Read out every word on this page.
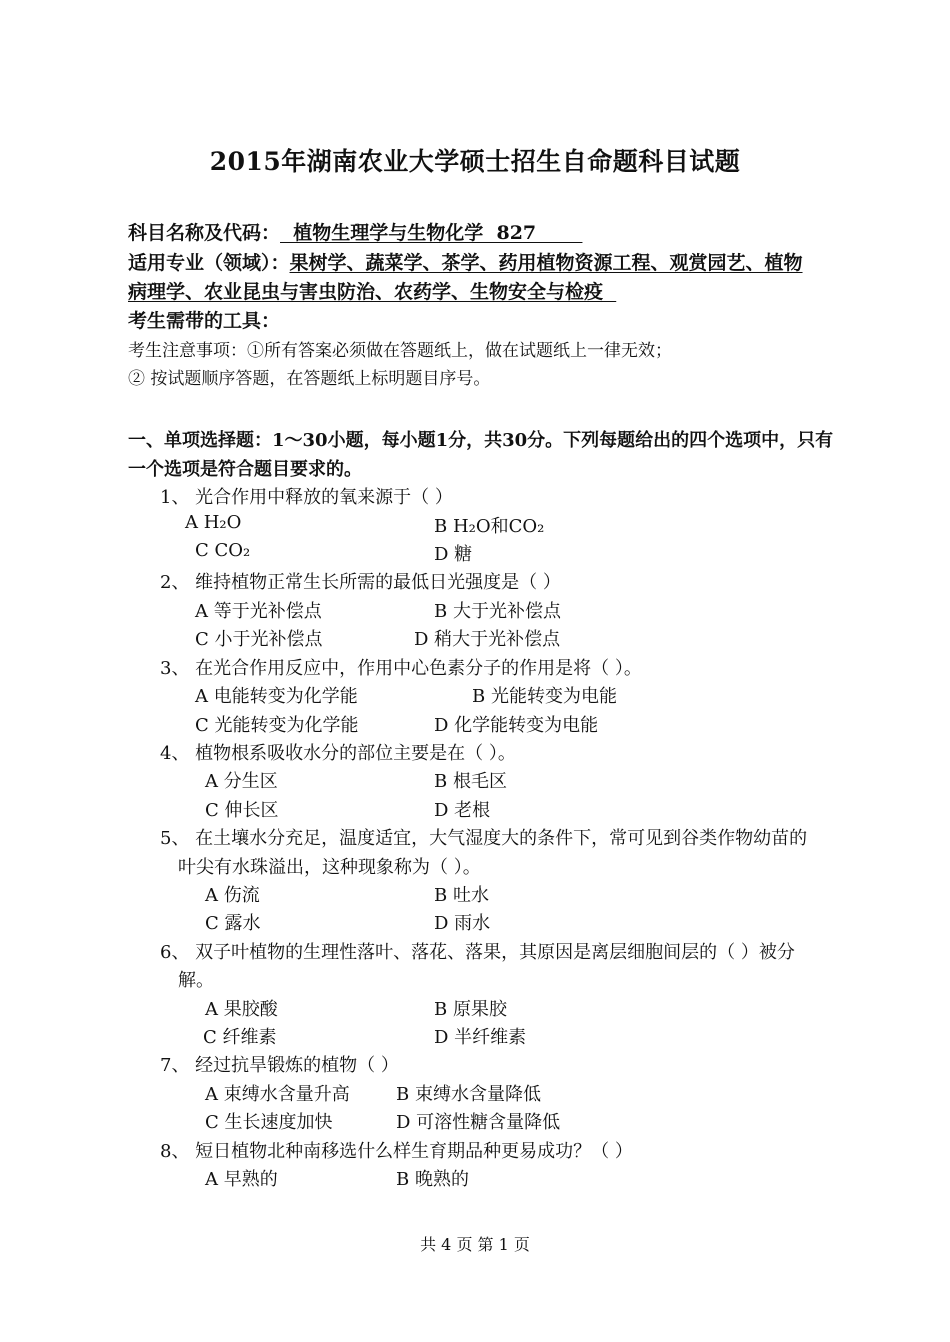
2015年湖南农业大学硕士招生自命题科目试题
科目名称及代码：  植物生理学与生物化学  827
适用专业（领域）：果树学、蔬菜学、茶学、药用植物资源工程、观赏园艺、植物
病理学、农业昆虫与害虫防治、农药学、生物安全与检疫
考生需带的工具：
考生注意事项：①所有答案必须做在答题纸上，做在试题纸上一律无效；
② 按试题顺序答题，在答题纸上标明题目序号。
一、单项选择题：1～30小题，每小题1分，共30分。下列每题给出的四个选项中，只有
一个选项是符合题目要求的。
1、 光合作用中释放的氧来源于（ ）
A H₂O	B H₂O和CO₂
C CO₂	D 糖
2、 维持植物正常生长所需的最低日光强度是（ ）
A 等于光补偿点	B 大于光补偿点
C 小于光补偿点	D 稍大于光补偿点
3、 在光合作用反应中，作用中心色素分子的作用是将（ ）。
A 电能转变为化学能	B 光能转变为电能
C 光能转变为化学能	D 化学能转变为电能
4、 植物根系吸收水分的部位主要是在（ ）。
A 分生区	B 根毛区
C 伸长区	D 老根
5、 在土壤水分充足，温度适宜，大气湿度大的条件下，常可见到谷类作物幼苗的
叶尖有水珠溢出，这种现象称为（ ）。
A 伤流	B 吐水
C 露水	D 雨水
6、 双子叶植物的生理性落叶、落花、落果，其原因是离层细胞间层的（ ）被分
解。
A 果胶酸	B 原果胶
C 纤维素	D 半纤维素
7、 经过抗旱锻炼的植物（ ）
A 束缚水含量升高	B 束缚水含量降低
C 生长速度加快	D 可溶性糖含量降低
8、 短日植物北种南移选什么样生育期品种更易成功？（ ）
A 早熟的	B 晚熟的
共 4 页 第 1 页
